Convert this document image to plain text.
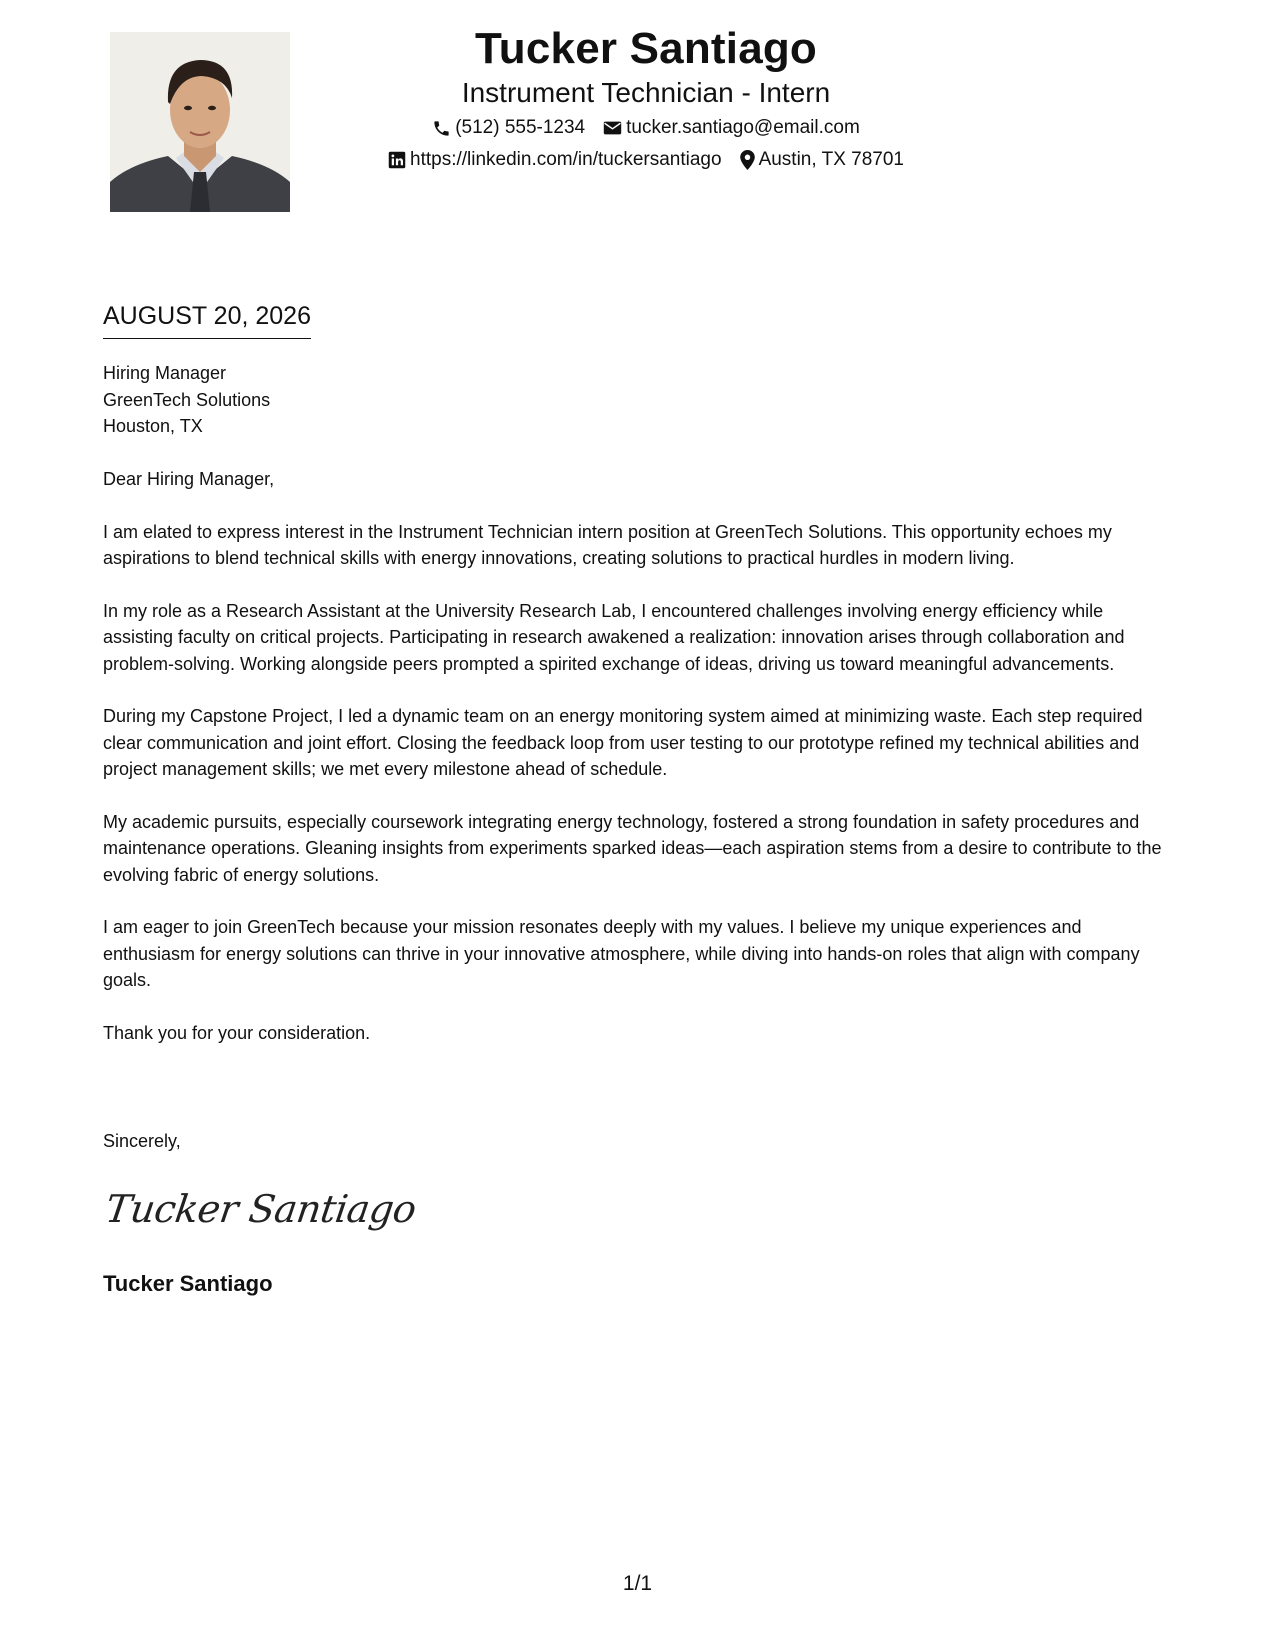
Tucker Santiago
Instrument Technician - Intern
(512) 555-1234 tucker.santiago@email.com
https://linkedin.com/in/tuckersantiago Austin, TX 78701
AUGUST 20, 2026
Hiring Manager
GreenTech Solutions
Houston, TX

Dear Hiring Manager,

I am elated to express interest in the Instrument Technician intern position at GreenTech Solutions. This opportunity echoes my aspirations to blend technical skills with energy innovations, creating solutions to practical hurdles in modern living.

In my role as a Research Assistant at the University Research Lab, I encountered challenges involving energy efficiency while assisting faculty on critical projects. Participating in research awakened a realization: innovation arises through collaboration and problem-solving. Working alongside peers prompted a spirited exchange of ideas, driving us toward meaningful advancements.

During my Capstone Project, I led a dynamic team on an energy monitoring system aimed at minimizing waste. Each step required clear communication and joint effort. Closing the feedback loop from user testing to our prototype refined my technical abilities and project management skills; we met every milestone ahead of schedule.

My academic pursuits, especially coursework integrating energy technology, fostered a strong foundation in safety procedures and maintenance operations. Gleaning insights from experiments sparked ideas—each aspiration stems from a desire to contribute to the evolving fabric of energy solutions.

I am eager to join GreenTech because your mission resonates deeply with my values. I believe my unique experiences and enthusiasm for energy solutions can thrive in your innovative atmosphere, while diving into hands-on roles that align with company goals.

Thank you for your consideration.

Sincerely,
Tucker Santiago
Tucker Santiago
1/1
